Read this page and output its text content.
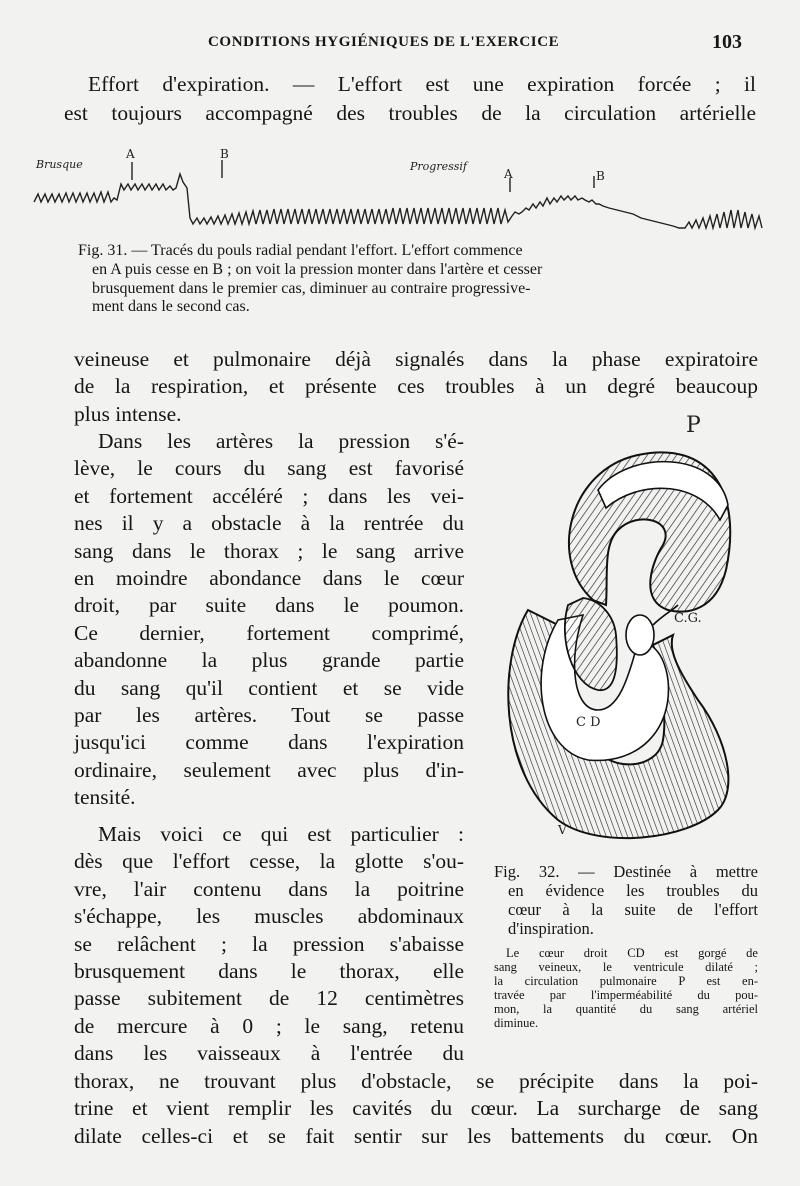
CONDITIONS HYGIÉNIQUES DE L'EXERCICE	103
Effort d'expiration. — L'effort est une expiration forcée ; il
est toujours accompagné des troubles de la circulation artérielle
Brusque
A	B
Progressif
A	B
Fig. 31. — Tracés du pouls radial pendant l'effort. L'effort commence
en A puis cesse en B ; on voit la pression monter dans l'artère et cesser
brusquement dans le premier cas, diminuer au contraire progressive-
ment dans le second cas.
veineuse et pulmonaire déjà signalés dans la phase expiratoire
de la respiration, et présente ces troubles à un degré beaucoup
plus intense.
Dans les artères la pression s'é-
lève, le cours du sang est favorisé
et fortement accéléré ; dans les vei-
nes il y a obstacle à la rentrée du
sang dans le thorax ; le sang arrive
en moindre abondance dans le cœur
droit, par suite dans le poumon.
Ce dernier, fortement comprimé,
abandonne la plus grande partie
du sang qu'il contient et se vide
par les artères. Tout se passe
jusqu'ici comme dans l'expiration
ordinaire, seulement avec plus d'in-
tensité.
Mais voici ce qui est particulier :
dès que l'effort cesse, la glotte s'ou-
vre, l'air contenu dans la poitrine
s'échappe, les muscles abdominaux
se relâchent ; la pression s'abaisse
brusquement dans le thorax, elle
passe subitement de 12 centimètres
de mercure à 0 ; le sang, retenu
dans les vaisseaux à l'entrée du
thorax, ne trouvant plus d'obstacle, se précipite dans la poi-
trine et vient remplir les cavités du cœur. La surcharge de sang
dilate celles-ci et se fait sentir sur les battements du cœur. On
P
C.G.
C D
V
Fig. 32. — Destinée à mettre
en évidence les troubles du
cœur à la suite de l'effort
d'inspiration.
Le cœur droit CD est gorgé de
sang veineux, le ventricule dilaté ;
la circulation pulmonaire P est en-
travée par l'imperméabilité du pou-
mon, la quantité du sang artériel
diminue.
